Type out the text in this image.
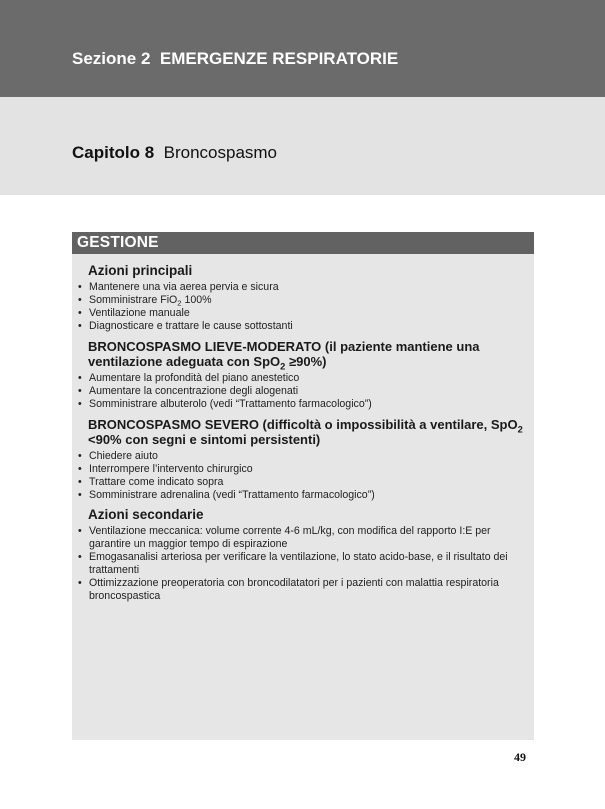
Sezione 2 EMERGENZE RESPIRATORIE
Capitolo 8 Broncospasmo
GESTIONE
Azioni principali
• Mantenere una via aerea pervia e sicura
• Somministrare FiO$_2$ 100%
• Ventilazione manuale
• Diagnosticare e trattare le cause sottostanti
BRONCOSPASMO LIEVE-MODERATO (il paziente mantiene una ventilazione adeguata con SpO$_2$ ≥90%)
• Aumentare la profondità del piano anestetico
• Aumentare la concentrazione degli alogenati
• Somministrare albuterolo (vedi “Trattamento farmacologico”)
BRONCOSPASMO SEVERO (difficoltà o impossibilità a ventilare, SpO$_2$ <90% con segni e sintomi persistenti)
• Chiedere aiuto
• Interrompere l’intervento chirurgico
• Trattare come indicato sopra
• Somministrare adrenalina (vedi “Trattamento farmacologico”)
Azioni secondarie
• Ventilazione meccanica: volume corrente 4-6 mL/kg, con modifica del rapporto I:E per garantire un maggior tempo di espirazione
• Emogasanalisi arteriosa per verificare la ventilazione, lo stato acido-base, e il risultato dei trattamenti
• Ottimizzazione preoperatoria con broncodilatatori per i pazienti con malattia respiratoria broncospastica
49
